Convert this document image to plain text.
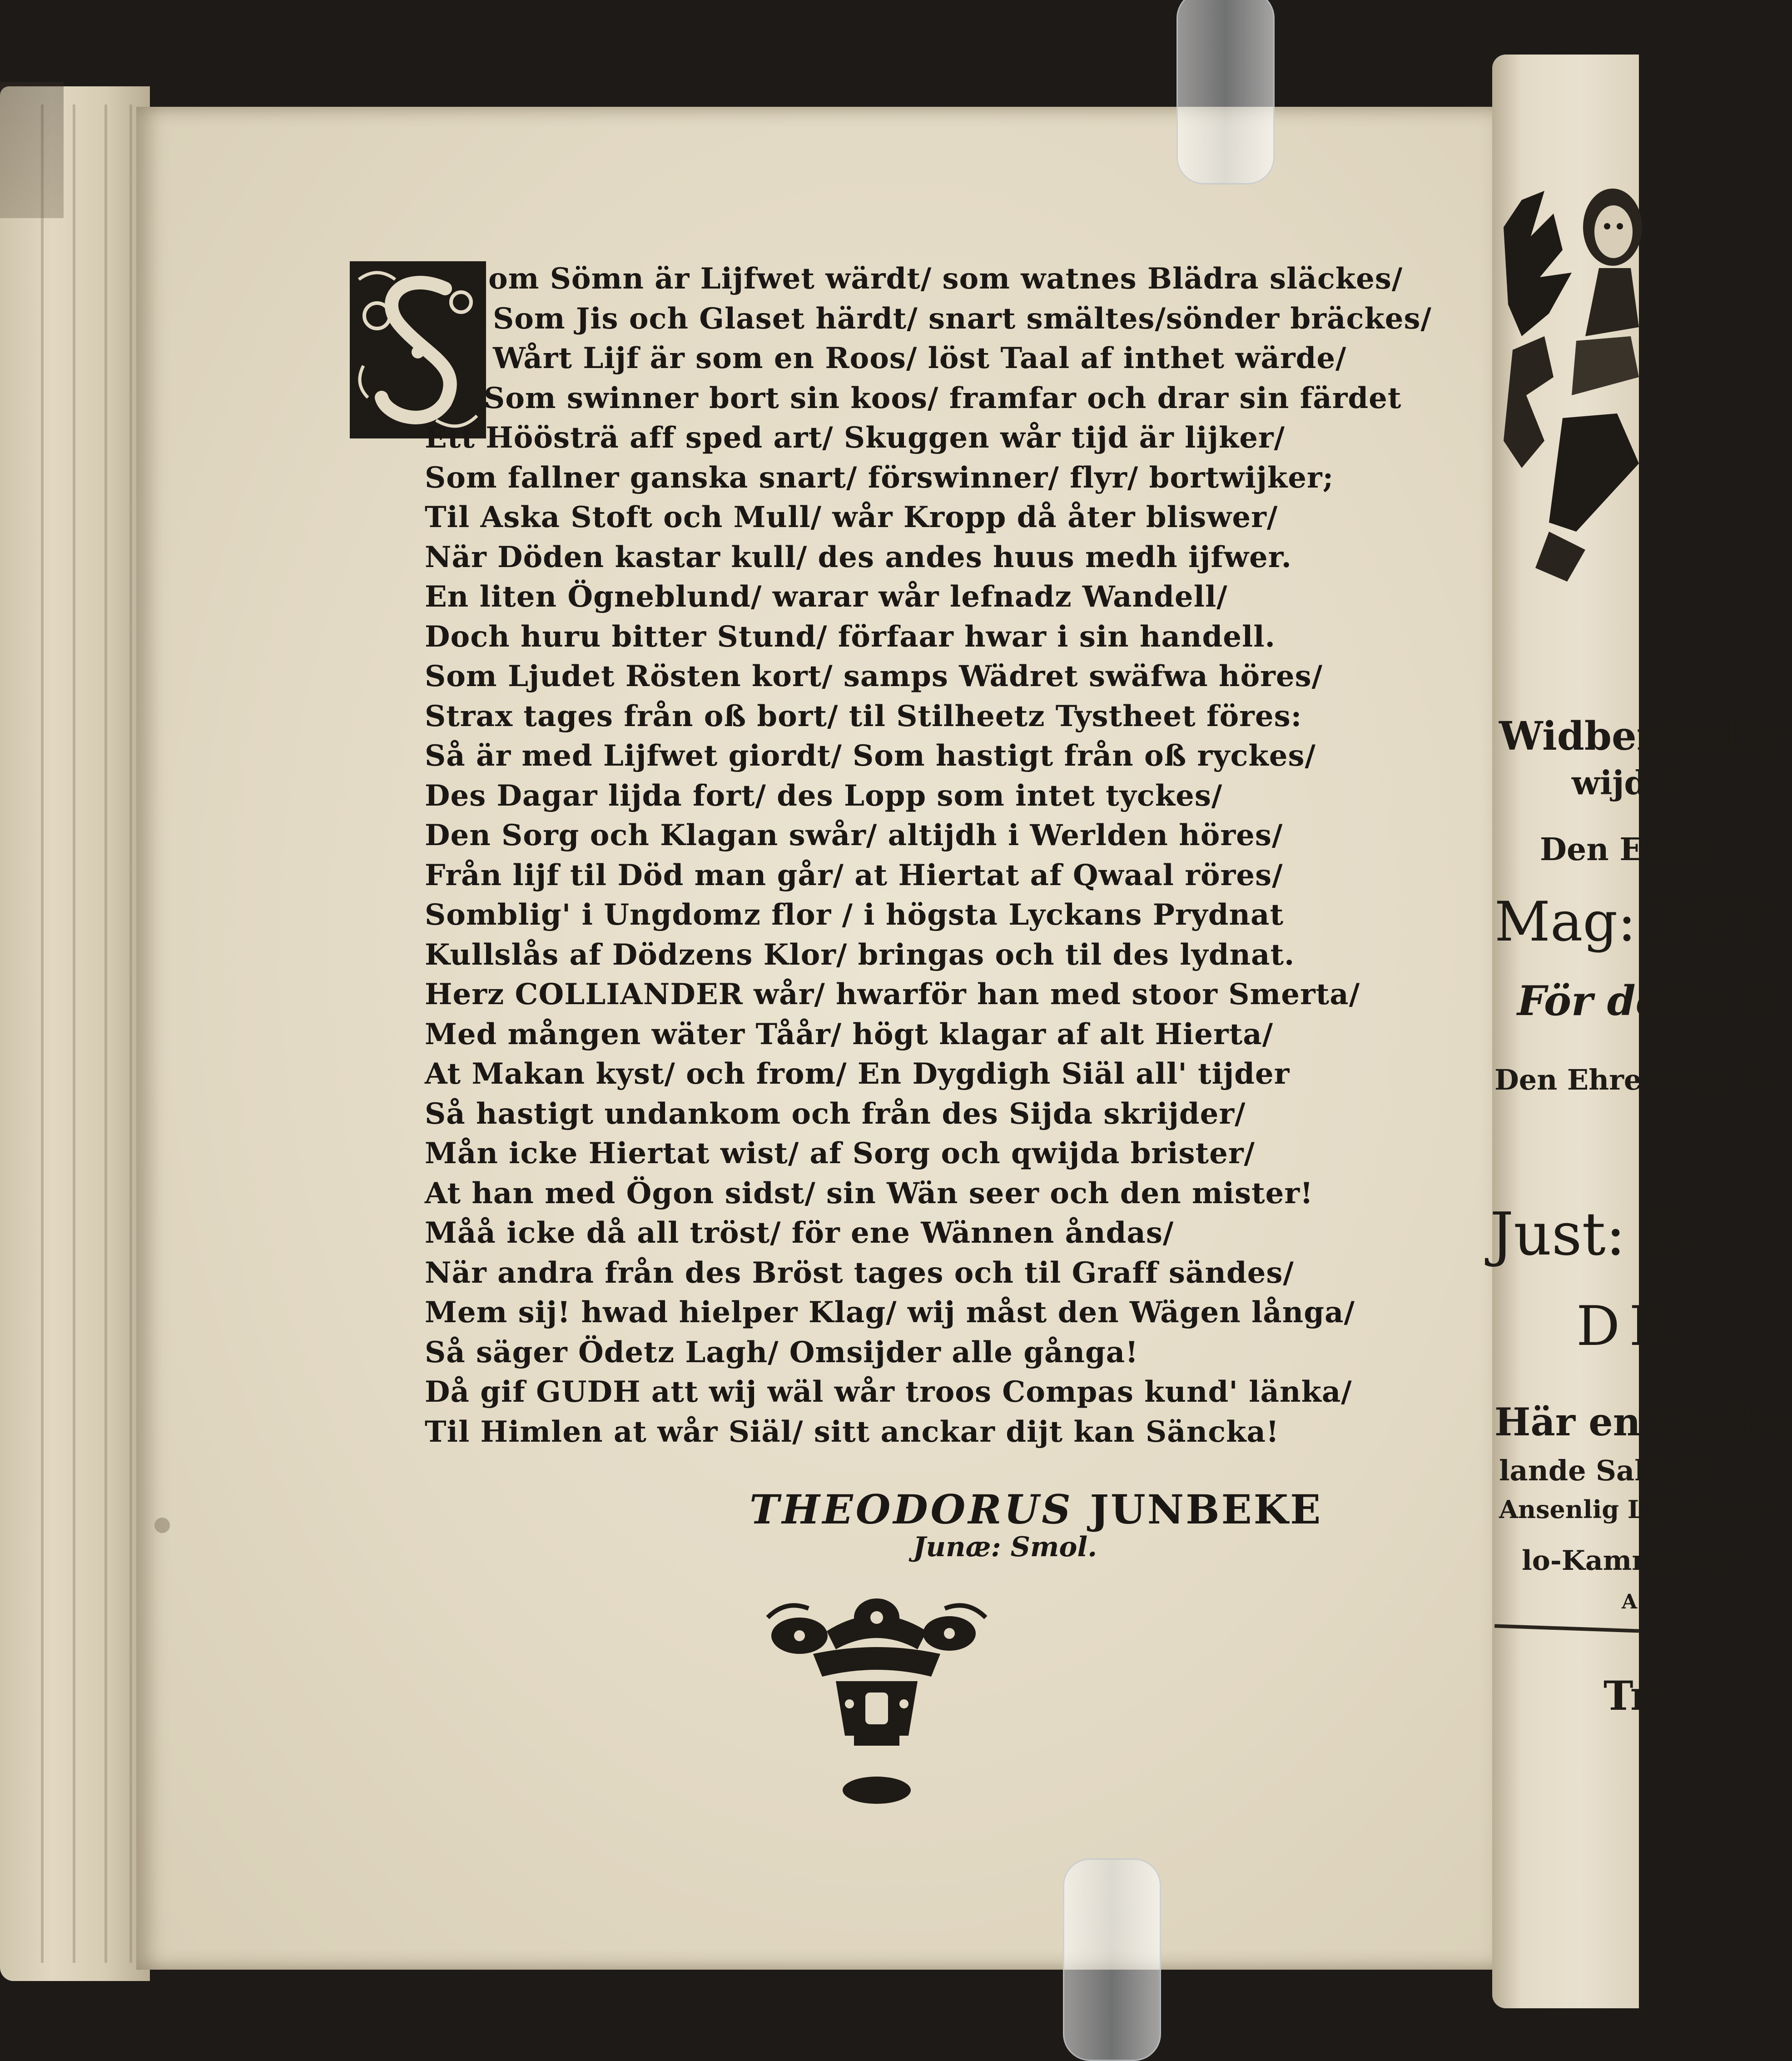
Widberömlig
wijd A
Den Ehrti
Mag: PET
För detta H
Den Ehreborne G
Just: B
DR
Här en Gudbe
lande Salig H
Ansenlig Lijk-Proce
lo-Kammar ut
A
Tr
om Sömn är Lijfwet wärdt/ som watnes Blädra släckes/
Som Jis och Glaset härdt/ snart smältes/sönder bräckes/
Wårt Lijf är som en Roos/ löst Taal af inthet wärde/
Som swinner bort sin koos/ framfar och drar sin färdet
Ett Höösträ aff sped art/ Skuggen wår tijd är lijker/
Som fallner ganska snart/ förswinner/ flyr/ bortwijker;
Til Aska Stoft och Mull/ wår Kropp då åter bliswer/
När Döden kastar kull/ des andes huus medh ijfwer.
En liten Ögneblund/ warar wår lefnadz Wandell/
Doch huru bitter Stund/ förfaar hwar i sin handell.
Som Ljudet Rösten kort/ samps Wädret swäfwa höres/
Strax tages från oß bort/ til Stilheetz Tystheet föres:
Så är med Lijfwet giordt/ Som hastigt från oß ryckes/
Des Dagar lijda fort/ des Lopp som intet tyckes/
Den Sorg och Klagan swår/ altijdh i Werlden höres/
Från lijf til Död man går/ at Hiertat af Qwaal röres/
Somblig' i Ungdomz flor / i högsta Lyckans Prydnat
Kullslås af Dödzens Klor/ bringas och til des lydnat.
Herz COLLIANDER wår/ hwarför han med stoor Smerta/
Med mången wäter Tåår/ högt klagar af alt Hierta/
At Makan kyst/ och from/ En Dygdigh Siäl all' tijder
Så hastigt undankom och från des Sijda skrijder/
Mån icke Hiertat wist/ af Sorg och qwijda brister/
At han med Ögon sidst/ sin Wän seer och den mister!
Måå icke då all tröst/ för ene Wännen åndas/
När andra från des Bröst tages och til Graff sändes/
Mem sij! hwad hielper Klag/ wij måst den Wägen långa/
Så säger Ödetz Lagh/ Omsijder alle gånga!
Då gif GUDH att wij wäl wår troos Compas kund' länka/
Til Himlen at wår Siäl/ sitt anckar dijt kan Säncka!
THEODORUS JUNBEKE
Junæ: Smol.
